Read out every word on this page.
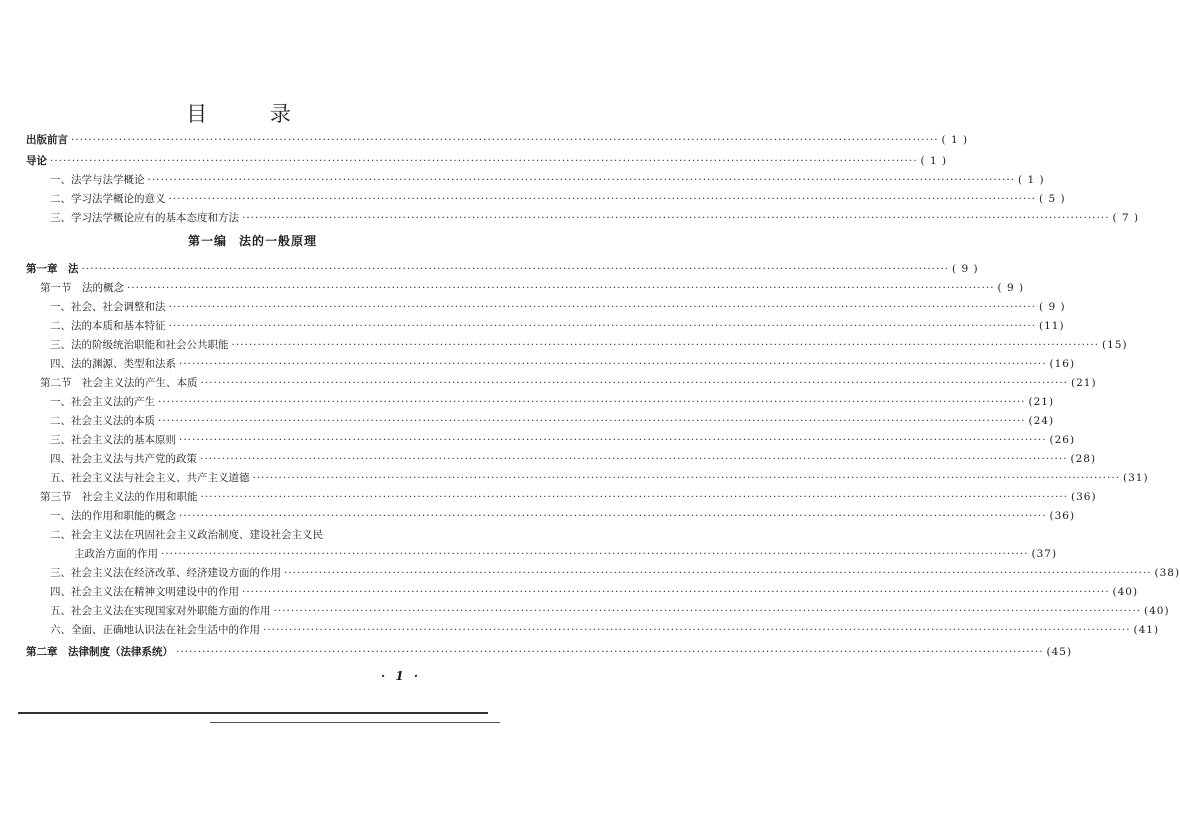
目 录
出版前言 ········································································································································································································ ( 1 )
导论 ········································································································································································································ ( 1 )
一、法学与法学概论 ········································································································································································································ ( 1 )
二、学习法学概论的意义 ········································································································································································································ ( 5 )
三、学习法学概论应有的基本态度和方法 ········································································································································································································ ( 7 )
第一编 法的一般原理
第一章　法 ········································································································································································································ ( 9 )
第一节　法的概念 ········································································································································································································ ( 9 )
一、社会、社会调整和法 ········································································································································································································ ( 9 )
二、法的本质和基本特征 ········································································································································································································ (11)
三、法的阶级统治职能和社会公共职能 ········································································································································································································ (15)
四、法的渊源、类型和法系 ········································································································································································································ (16)
第二节　社会主义法的产生、本质 ········································································································································································································ (21)
一、社会主义法的产生 ········································································································································································································ (21)
二、社会主义法的本质 ········································································································································································································ (24)
三、社会主义法的基本原则 ········································································································································································································ (26)
四、社会主义法与共产党的政策 ········································································································································································································ (28)
五、社会主义法与社会主义、共产主义道德 ········································································································································································································ (31)
第三节　社会主义法的作用和职能 ········································································································································································································ (36)
一、法的作用和职能的概念 ········································································································································································································ (36)
二、社会主义法在巩固社会主义政治制度、建设社会主义民
主政治方面的作用 ········································································································································································································ (37)
三、社会主义法在经济改革、经济建设方面的作用 ········································································································································································································ (38)
四、社会主义法在精神文明建设中的作用 ········································································································································································································ (40)
五、社会主义法在实现国家对外职能方面的作用 ········································································································································································································ (40)
六、全面、正确地认识法在社会生活中的作用 ········································································································································································································ (41)
第二章　法律制度（法律系统） ········································································································································································································ (45)
· 1 ·
